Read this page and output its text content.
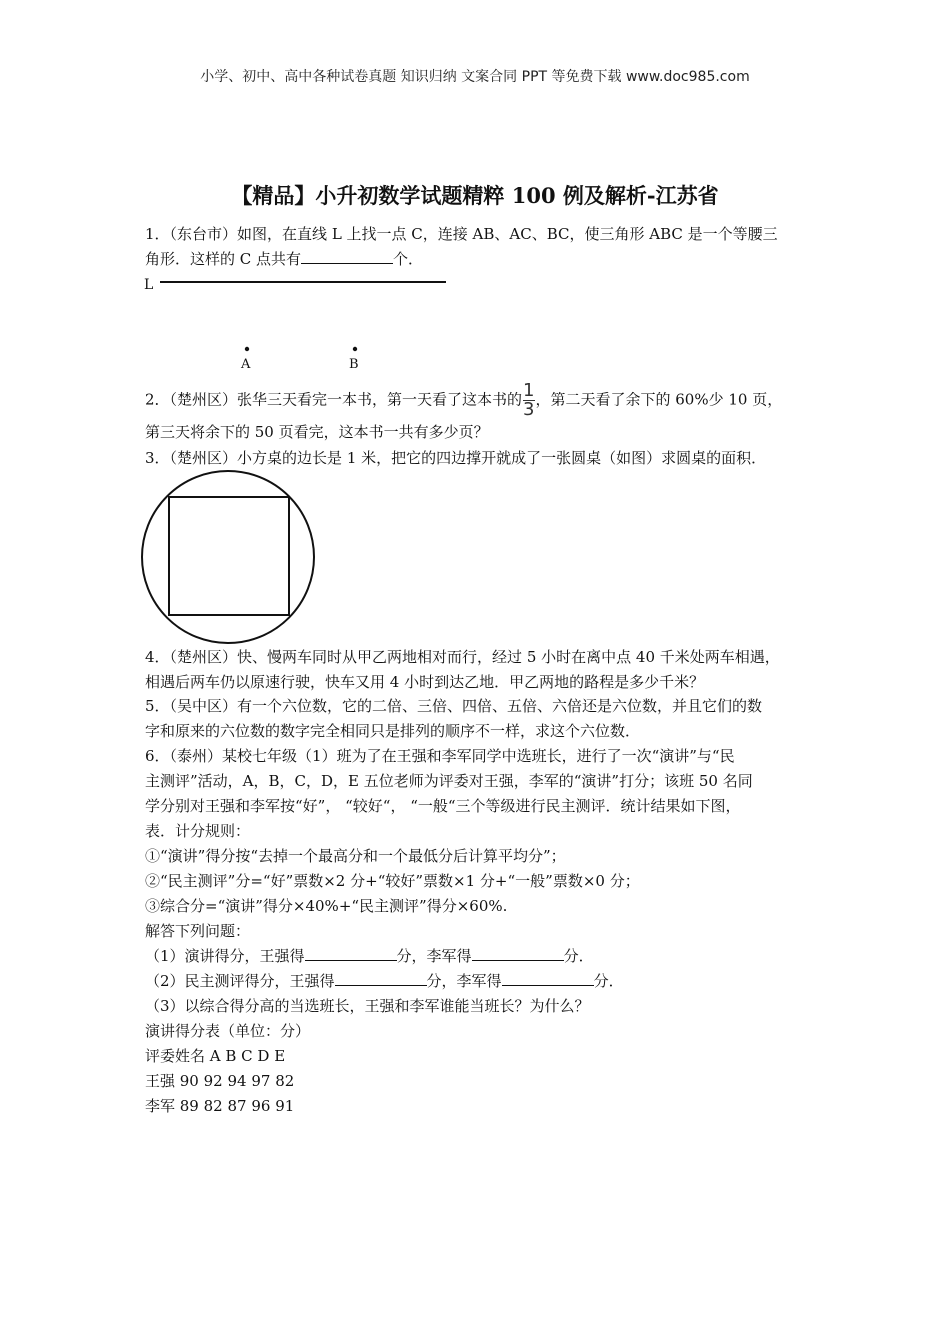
小学、初中、高中各种试卷真题 知识归纳 文案合同 PPT 等免费下载 www.doc985.com
【精品】小升初数学试题精粹 100 例及解析-江苏省
1．（东台市）如图，在直线 L 上找一点 C，连接 AB、AC、BC，使三角形 ABC 是一个等腰三
角形．这样的 C 点共有	个．
L
A	B
2．（楚州区）张华三天看完一本书，第一天看了这本书的 $\frac{1}{3}$ ，第二天看了余下的 60%少 10 页，
第三天将余下的 50 页看完，这本书一共有多少页？
3．（楚州区）小方桌的边长是 1 米，把它的四边撑开就成了一张圆桌（如图）求圆桌的面积．
4．（楚州区）快、慢两车同时从甲乙两地相对而行，经过 5 小时在离中点 40 千米处两车相遇，
相遇后两车仍以原速行驶，快车又用 4 小时到达乙地．甲乙两地的路程是多少千米？
5．（吴中区）有一个六位数，它的二倍、三倍、四倍、五倍、六倍还是六位数，并且它们的数
字和原来的六位数的数字完全相同只是排列的顺序不一样，求这个六位数．
6．（泰州）某校七年级（1）班为了在王强和李军同学中选班长，进行了一次“演讲”与“民
主测评”活动，A，B，C，D，E 五位老师为评委对王强，李军的“演讲”打分；该班 50 名同
学分别对王强和李军按“好”， “较好“， “一般“三个等级进行民主测评．统计结果如下图，
表．计分规则：
①“演讲”得分按“去掉一个最高分和一个最低分后计算平均分”；
②“民主测评”分=“好”票数×2 分+“较好”票数×1 分+“一般”票数×0 分；
③综合分=“演讲”得分×40%+“民主测评”得分×60%.
解答下列问题：
（1）演讲得分，王强得	分，李军得	分．
（2）民主测评得分，王强得	分，李军得	分．
（3）以综合得分高的当选班长，王强和李军谁能当班长？为什么？
演讲得分表（单位：分）
评委姓名 A B C D E
王强 90 92 94 97 82
李军 89 82 87 96 91
